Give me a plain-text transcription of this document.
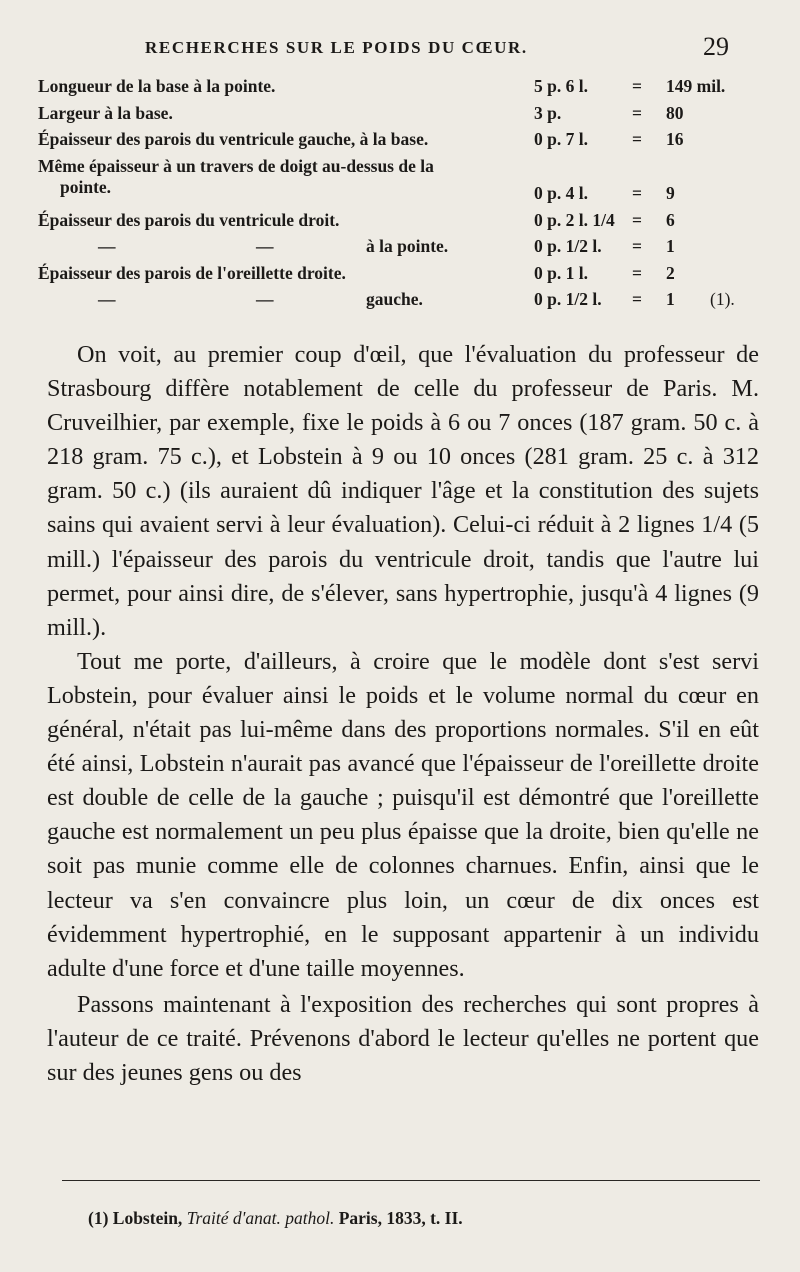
RECHERCHES SUR LE POIDS DU CŒUR.	29
Longueur de la base à la pointe.	5 p. 6 l.	= 149 mil.
Largeur à la base.	3 p.	= 80
Épaisseur des parois du ventricule gauche, à la base.	0 p. 7 l.	= 16
Même épaisseur à un travers de doigt au-dessus de la
pointe.	0 p. 4 l.	= 9
Épaisseur des parois du ventricule droit.	0 p. 2 l. 1/4 = 6
—	—	à la pointe.	0 p. 1/2 l. = 1
Épaisseur des parois de l'oreillette droite.	0 p. 1 l.	= 2
—	—	gauche.	0 p. 1/2 l. = 1 (1).

On voit, au premier coup d'œil, que l'évaluation du professeur de Strasbourg diffère notablement de celle du professeur de Paris. M. Cruveilhier, par exemple, fixe le poids à 6 ou 7 onces (187 gram. 50 c. à 218 gram. 75 c.), et Lobstein à 9 ou 10 onces (281 gram. 25 c. à 312 gram. 50 c.) (ils auraient dû indiquer l'âge et la constitution des sujets sains qui avaient servi à leur évaluation). Celui-ci réduit à 2 lignes 1/4 (5 mill.) l'épaisseur des parois du ventricule droit, tandis que l'autre lui permet, pour ainsi dire, de s'élever, sans hypertrophie, jusqu'à 4 lignes (9 mill.).

Tout me porte, d'ailleurs, à croire que le modèle dont s'est servi Lobstein, pour évaluer ainsi le poids et le volume normal du cœur en général, n'était pas lui-même dans des proportions normales. S'il en eût été ainsi, Lobstein n'aurait pas avancé que l'épaisseur de l'oreillette droite est double de celle de la gauche ; puisqu'il est démontré que l'oreillette gauche est normalement un peu plus épaisse que la droite, bien qu'elle ne soit pas munie comme elle de colonnes charnues. Enfin, ainsi que le lecteur va s'en convaincre plus loin, un cœur de dix onces est évidemment hypertrophié, en le supposant appartenir à un individu adulte d'une force et d'une taille moyennes.

Passons maintenant à l'exposition des recherches qui sont propres à l'auteur de ce traité. Prévenons d'abord le lecteur qu'elles ne portent que sur des jeunes gens ou des

(1) Lobstein, Traité d'anat. pathol. Paris, 1833, t. II.
